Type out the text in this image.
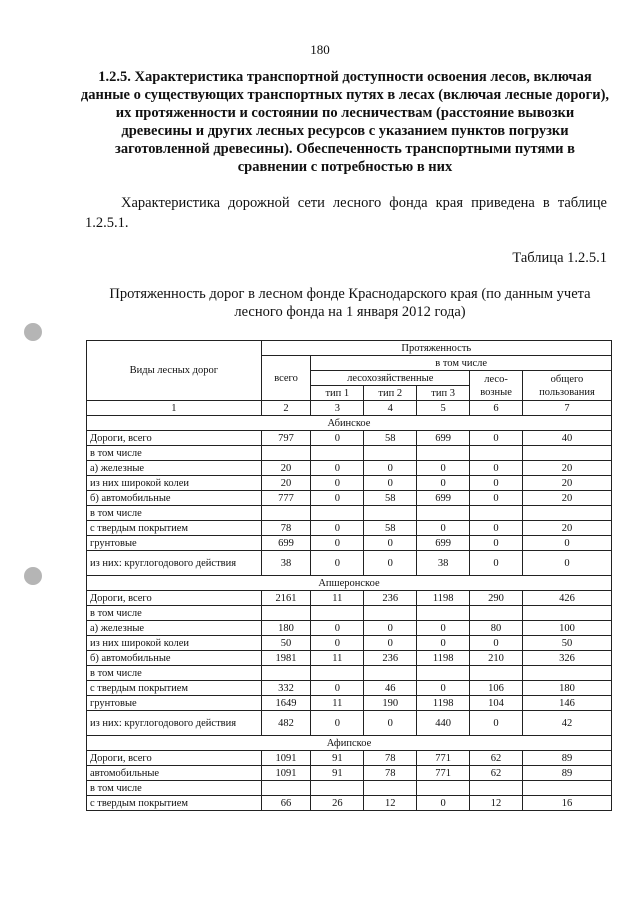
180
1.2.5. Характеристика транспортной доступности освоения лесов, включая данные о существующих транспортных путях в лесах (включая лесные дороги), их протяженности и состоянии по лесничествам (расстояние вывозки древесины и других лесных ресурсов с указанием пунктов погрузки заготовленной древесины). Обеспеченность транспортными путями в сравнении с потребностью в них
Характеристика дорожной сети лесного фонда края приведена в таблице 1.2.5.1.
Таблица 1.2.5.1
Протяженность дорог в лесном фонде Краснодарского края (по данным учета лесного фонда на 1 января 2012 года)
Виды лесных дорог	Протяженность					
	всего	в том числе				
		лесохозяйственные			лесо-возные	общего пользования
		тип 1	тип 2	тип 3		
1	2	3	4	5	6	7
Абинское						
Дороги, всего	797	0	58	699	0	40
в том числе						
а) железные	20	0	0	0	0	20
из них широкой колеи	20	0	0	0	0	20
б) автомобильные	777	0	58	699	0	20
в том числе						
с твердым покрытием	78	0	58	0	0	20
грунтовые	699	0	0	699	0	0
из них: круглогодового действия	38	0	0	38	0	0
Апшеронское						
Дороги, всего	2161	11	236	1198	290	426
в том числе						
а) железные	180	0	0	0	80	100
из них широкой колеи	50	0	0	0	0	50
б) автомобильные	1981	11	236	1198	210	326
в том числе						
с твердым покрытием	332	0	46	0	106	180
грунтовые	1649	11	190	1198	104	146
из них: круглогодового действия	482	0	0	440	0	42
Афипское						
Дороги, всего	1091	91	78	771	62	89
автомобильные	1091	91	78	771	62	89
в том числе						
с твердым покрытием	66	26	12	0	12	16
